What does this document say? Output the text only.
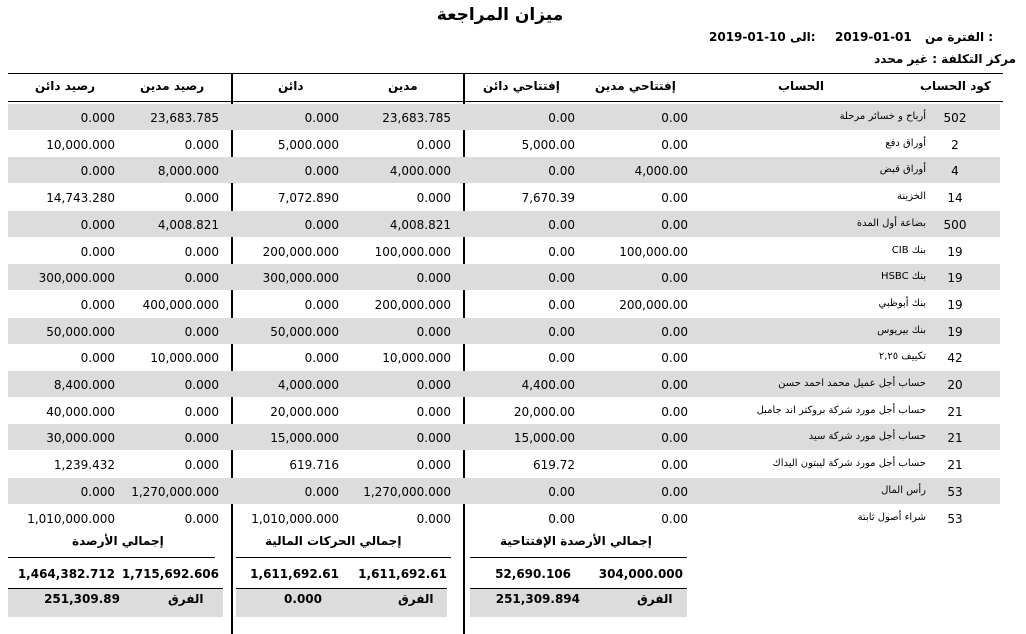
ميزان المراجعة
الفترة من :
2019-01-01
الى:
2019-01-10
مركز التكلفة : غير محدد
كود الحساب
الحساب
إفتتاحي مدين
إفتتاحي دائن
مدين
دائن
رصيد مدين
رصيد دائن
502
أرباح و خسائر مرحلة
0.00
0.00
23,683.785
0.000
23,683.785
0.000
2
أوراق دفع
0.00
5,000.00
0.000
5,000.000
0.000
10,000.000
4
أوراق قبض
4,000.00
0.00
4,000.000
0.000
8,000.000
0.000
14
الخزينة
0.00
7,670.39
0.000
7,072.890
0.000
14,743.280
500
بضاعة أول المدة
0.00
0.00
4,008.821
0.000
4,008.821
0.000
19
CIB بنك
100,000.00
0.00
100,000.000
200,000.000
0.000
0.000
19
HSBC بنك
0.00
0.00
0.000
300,000.000
0.000
300,000.000
19
بنك أبوظبي
200,000.00
0.00
200,000.000
0.000
400,000.000
0.000
19
بنك بيريوس
0.00
0.00
0.000
50,000.000
0.000
50,000.000
42
تكييف ٢,٢٥
0.00
0.00
10,000.000
0.000
10,000.000
0.000
20
حساب أجل عميل محمد احمد حسن
0.00
4,400.00
0.000
4,000.000
0.000
8,400.000
21
حساب أجل مورد شركة بروكتر اند جامبل
0.00
20,000.00
0.000
20,000.000
0.000
40,000.000
21
حساب أجل مورد شركة سيد
0.00
15,000.00
0.000
15,000.000
0.000
30,000.000
21
حساب أجل مورد شركة ليبتون اليداك
0.00
619.72
0.000
619.716
0.000
1,239.432
53
رأس المال
0.00
0.00
1,270,000.000
0.000
1,270,000.000
0.000
53
شراء أصول ثابتة
0.00
0.00
0.000
1,010,000.000
0.000
1,010,000.000
إجمالي الأرصدة الإفتتاحية
إجمالي الحركات المالية
إجمالي الأرصدة
304,000.000
52,690.106
1,611,692.61
1,611,692.61
1,715,692.606
1,464,382.712
الفرق
251,309.894
الفرق
0.000
الفرق
251,309.89
